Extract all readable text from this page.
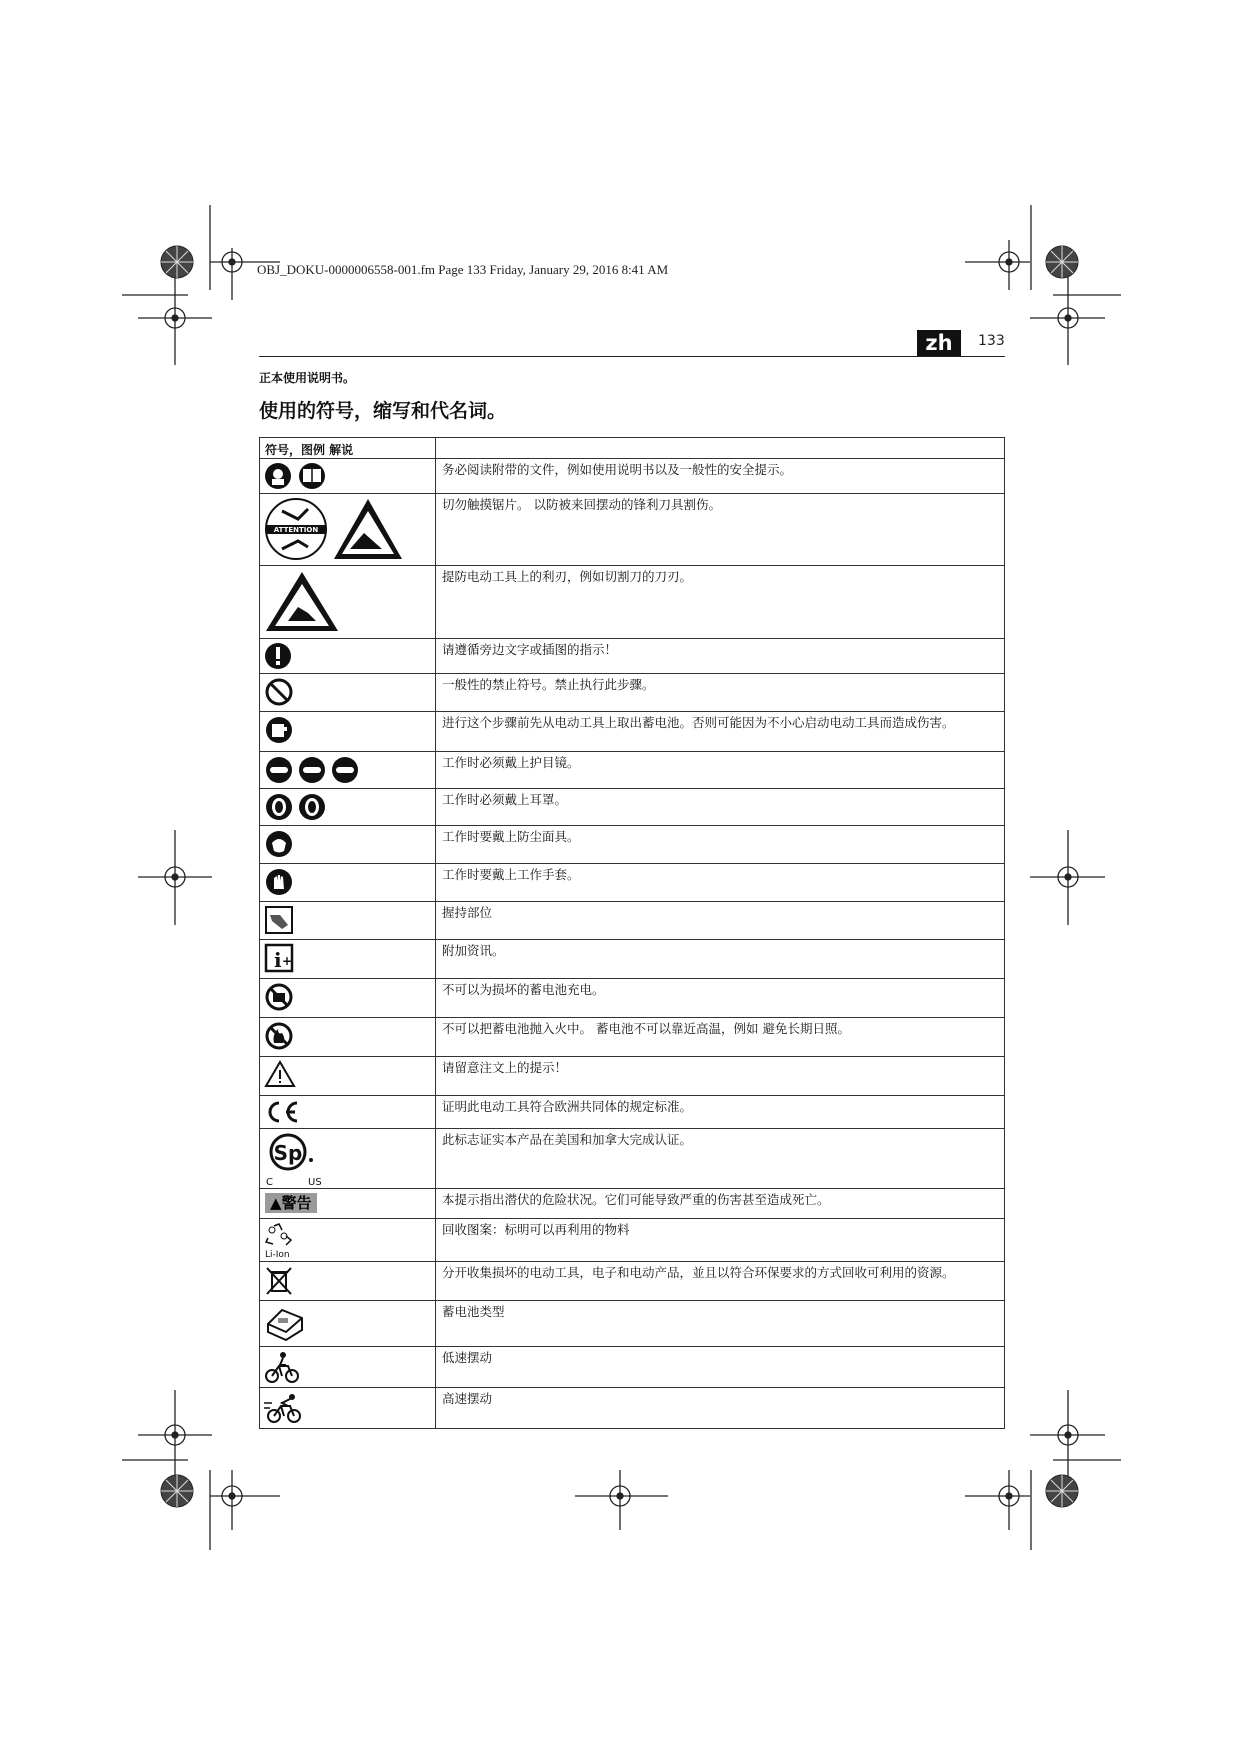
OBJ_DOKU-0000006558-001.fm Page 133 Friday, January 29, 2016 8:41 AM
zh	133
正本使用说明书。
使用的符号，缩写和代名词。
符号，图例 解说	

	务必阅读附带的文件，例如使用说明书以及一般性的安全提示。

ATTENTION	切勿触摸锯片。 以防被来回摆动的锋利刀具割伤。

	提防电动工具上的利刃，例如切割刀的刀刃。

	请遵循旁边文字或插图的指示！

	一般性的禁止符号。禁止执行此步骤。

	进行这个步骤前先从电动工具上取出蓄电池。否则可能因为不小心启动电动工具而造成伤害。

	工作时必须戴上护目镜。

	工作时必须戴上耳罩。

	工作时要戴上防尘面具。

	工作时要戴上工作手套。

	握持部位

i +	附加资讯。

	不可以为损坏的蓄电池充电。

	不可以把蓄电池抛入火中。 蓄电池不可以靠近高温，例如 避免长期日照。

	请留意注文上的提示！

	证明此电动工具符合欧洲共同体的规定标准。

Sp
C US	此标志证实本产品在美国和加拿大完成认证。
▲警告	本提示指出潜伏的危险状况。它们可能导致严重的伤害甚至造成死亡。

Li-Ion	回收图案：标明可以再利用的物料

	分开收集损坏的电动工具，电子和电动产品，並且以符合环保要求的方式回收可利用的资源。

	蓄电池类型

	低速摆动

	高速摆动
